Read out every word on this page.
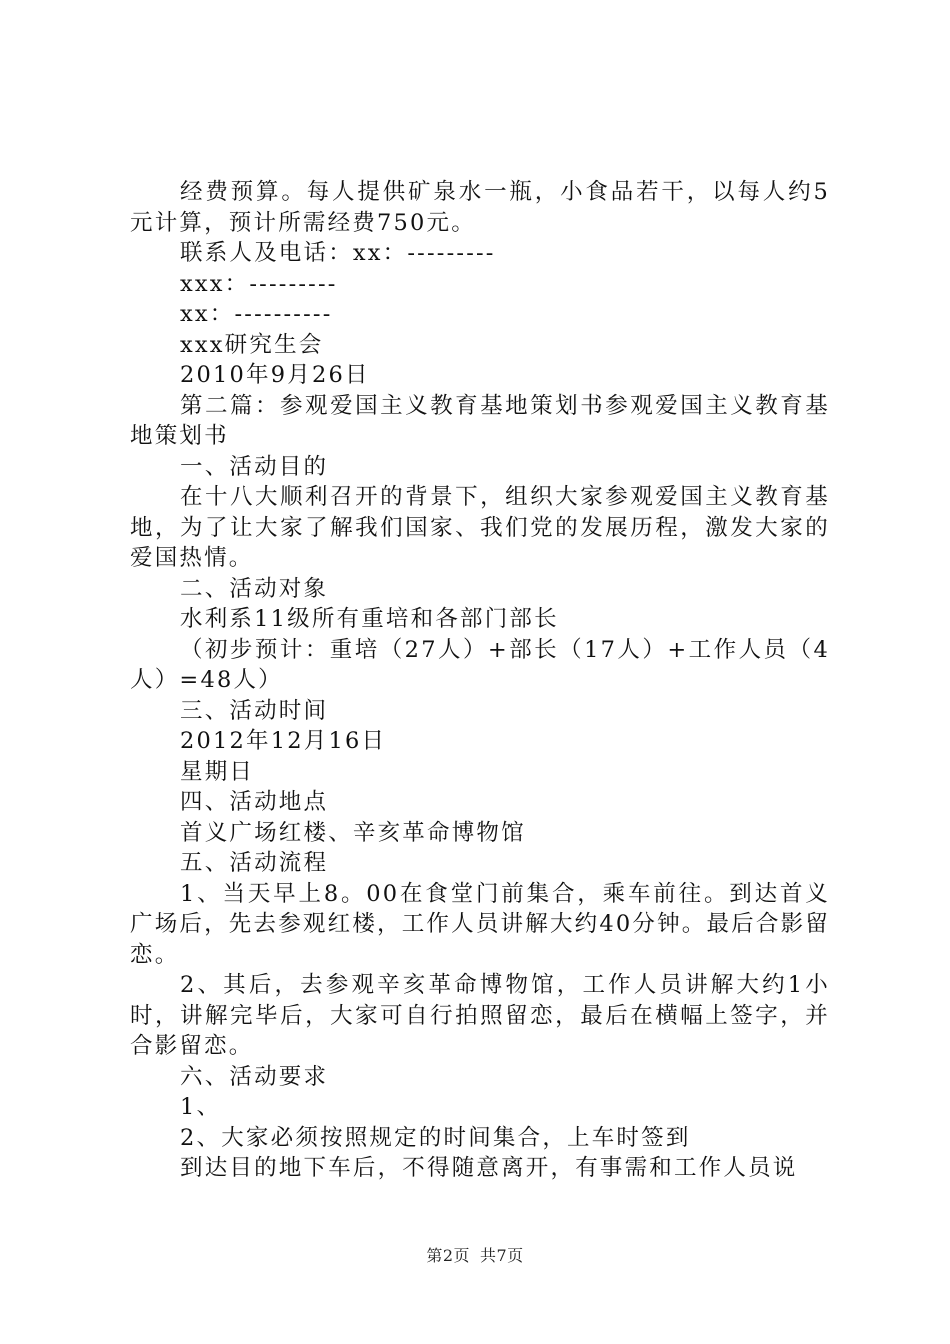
经费预算。每人提供矿泉水一瓶，小食品若干，以每人约5元计算，预计所需经费750元。

联系人及电话：xx：---------

xxx：---------

xx：----------

xxx研究生会

2010年9月26日

第二篇：参观爱国主义教育基地策划书参观爱国主义教育基地策划书

一、活动目的

在十八大顺利召开的背景下，组织大家参观爱国主义教育基地，为了让大家了解我们国家、我们党的发展历程，激发大家的爱国热情。

二、活动对象

水利系11级所有重培和各部门部长

（初步预计：重培（27人）+部长（17人）+工作人员（4人）=48人）

三、活动时间

2012年12月16日

星期日

四、活动地点

首义广场红楼、辛亥革命博物馆

五、活动流程

1、当天早上8。00在食堂门前集合，乘车前往。到达首义广场后，先去参观红楼，工作人员讲解大约40分钟。最后合影留恋。

2、其后，去参观辛亥革命博物馆，工作人员讲解大约1小时，讲解完毕后，大家可自行拍照留恋，最后在横幅上签字，并合影留恋。

六、活动要求

1、

2、大家必须按照规定的时间集合，上车时签到

到达目的地下车后，不得随意离开，有事需和工作人员说

第2页 共7页
